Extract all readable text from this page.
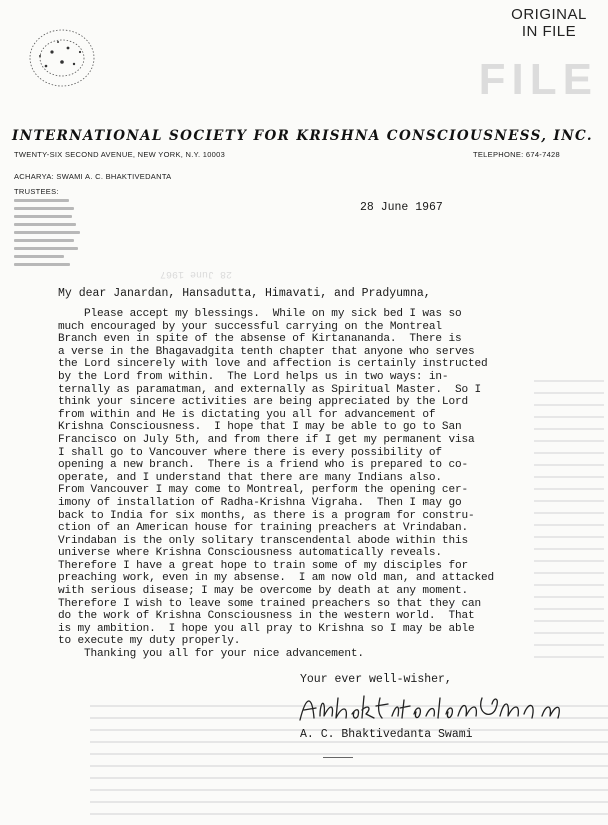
FILE
ORIGINAL
IN FILE
INTERNATIONAL SOCIETY FOR KRISHNA CONSCIOUSNESS, INC.
TWENTY-SIX SECOND AVENUE, NEW YORK, N.Y. 10003	TELEPHONE: 674-7428
ACHARYA: SWAMI A. C. BHAKTIVEDANTA
TRUSTEES:
28 June 1967
28 June 1967
My dear Janardan, Hansadutta, Himavati, and Pradyumna,
Please accept my blessings.  While on my sick bed I was so
much encouraged by your successful carrying on the Montreal
Branch even in spite of the absense of Kirtanananda.  There is
a verse in the Bhagavadgita tenth chapter that anyone who serves
the Lord sincerely with love and affection is certainly instructed
by the Lord from within.  The Lord helps us in two ways: in-
ternally as paramatman, and externally as Spiritual Master.  So I
think your sincere activities are being appreciated by the Lord
from within and He is dictating you all for advancement of
Krishna Consciousness.  I hope that I may be able to go to San
Francisco on July 5th, and from there if I get my permanent visa
I shall go to Vancouver where there is every possibility of
opening a new branch.  There is a friend who is prepared to co-
operate, and I understand that there are many Indians also.
From Vancouver I may come to Montreal, perform the opening cer-
imony of installation of Radha-Krishna Vigraha.  Then I may go
back to India for six months, as there is a program for constru-
ction of an American house for training preachers at Vrindaban.
Vrindaban is the only solitary transcendental abode within this
universe where Krishna Consciousness automatically reveals.
Therefore I have a great hope to train some of my disciples for
preaching work, even in my absense.  I am now old man, and attacked
with serious disease; I may be overcome by death at any moment.
Therefore I wish to leave some trained preachers so that they can
do the work of Krishna Consciousness in the western world.  That
is my ambition.  I hope you all pray to Krishna so I may be able
to execute my duty properly.
Thanking you all for your nice advancement.
Your ever well-wisher,
A. C. Bhaktivedanta Swami
